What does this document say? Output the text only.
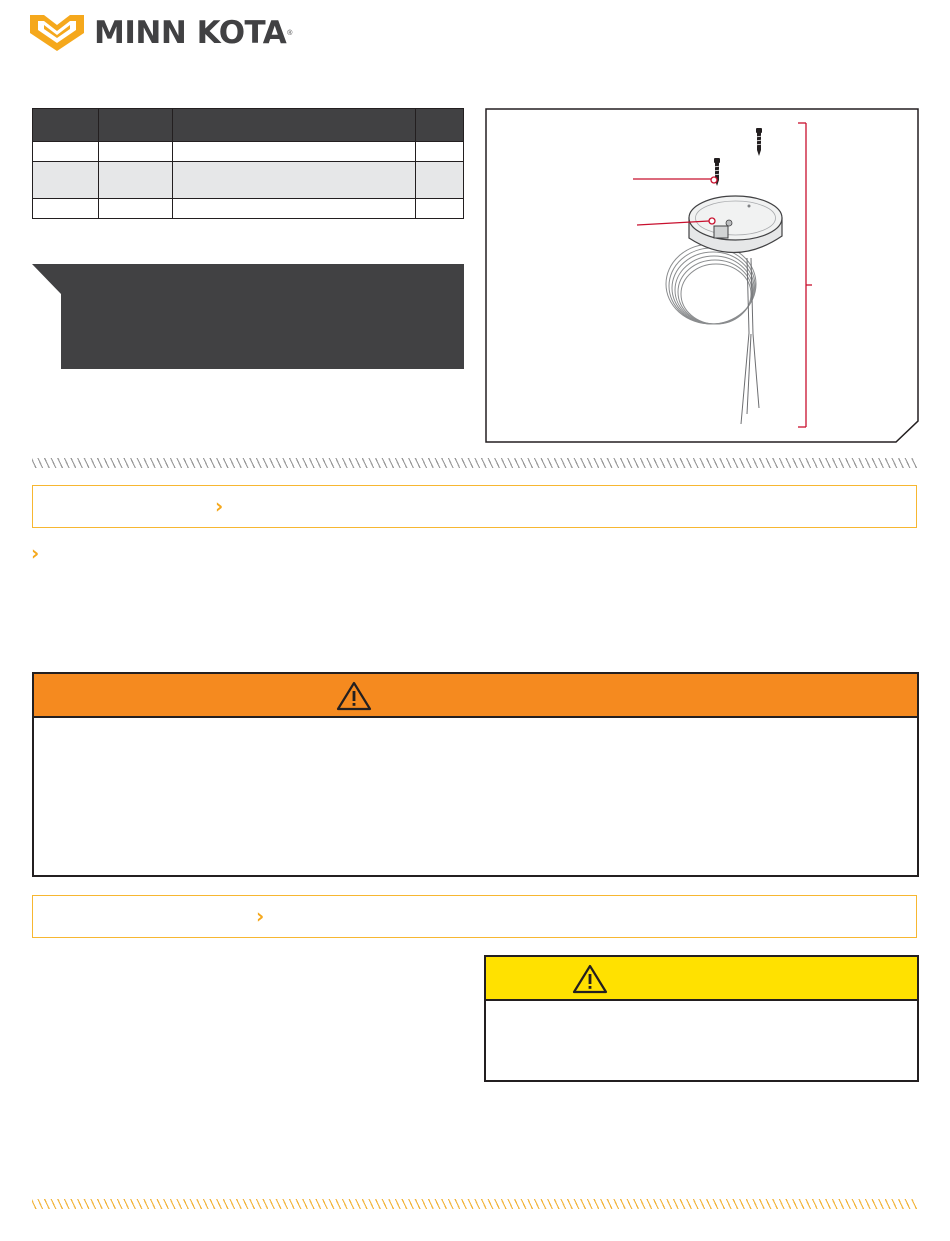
MINN KOTA ®

›
›
›
